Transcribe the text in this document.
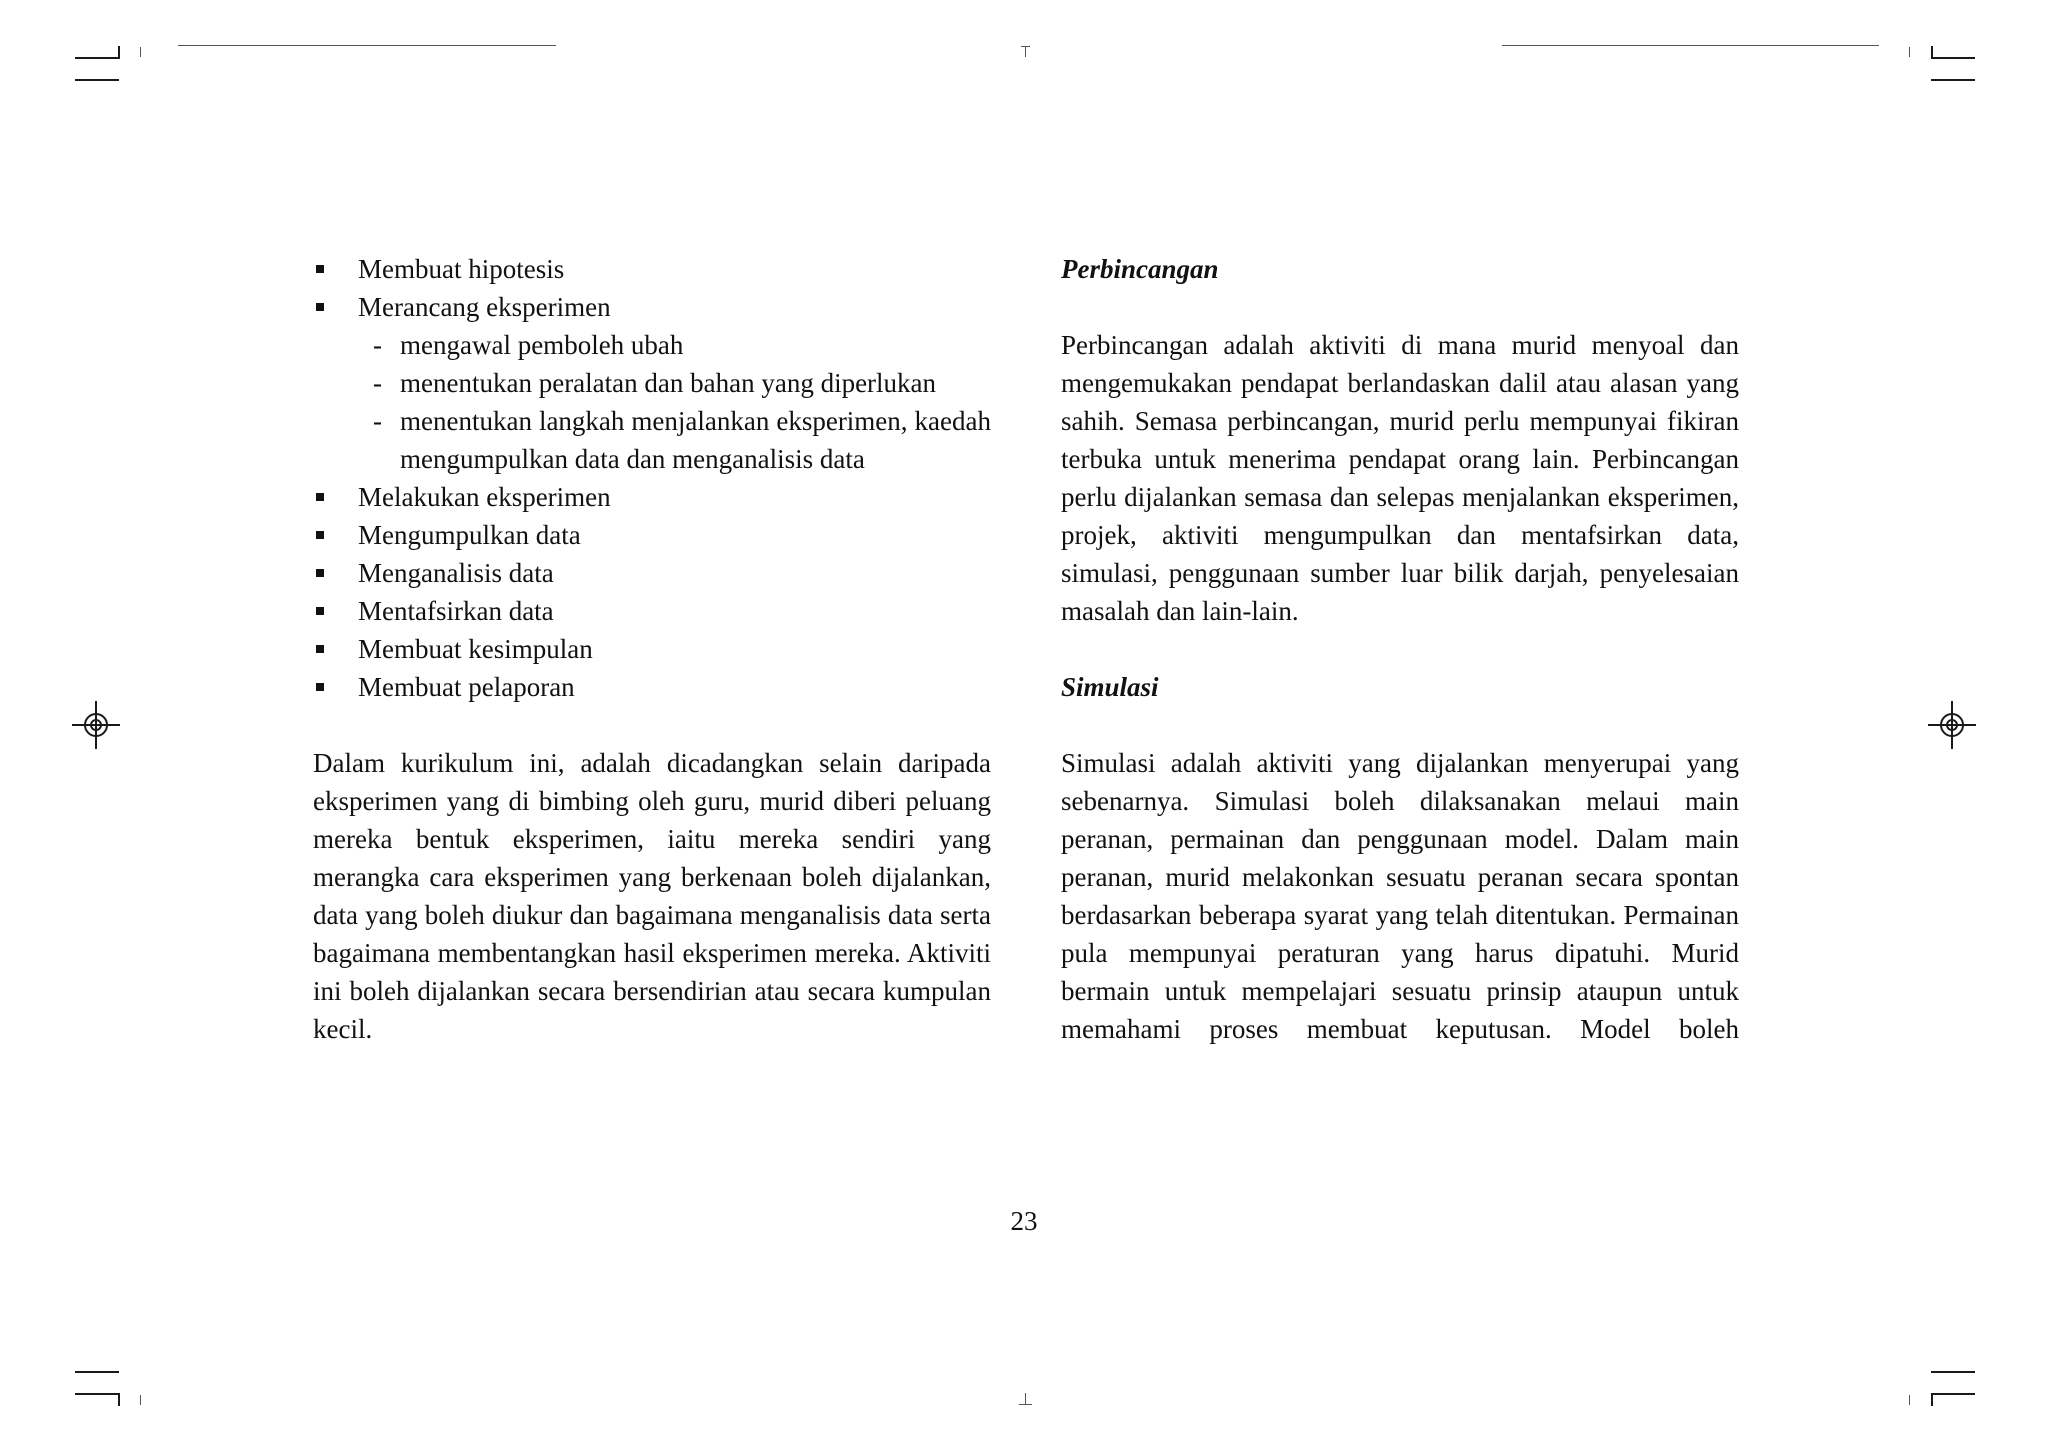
Membuat hipotesis
Merancang eksperimen
- mengawal pemboleh ubah
- menentukan peralatan dan bahan yang diperlukan
- menentukan langkah menjalankan eksperimen, kaedah mengumpulkan data dan menganalisis data
Melakukan eksperimen
Mengumpulkan data
Menganalisis data
Mentafsirkan data
Membuat kesimpulan
Membuat pelaporan

Dalam kurikulum ini, adalah dicadangkan selain daripada eksperimen yang di bimbing oleh guru, murid diberi peluang mereka bentuk eksperimen, iaitu mereka sendiri yang merangka cara eksperimen yang berkenaan boleh dijalankan, data yang boleh diukur dan bagaimana menganalisis data serta bagaimana membentangkan hasil eksperimen mereka. Aktiviti ini boleh dijalankan secara bersendirian atau secara kumpulan kecil.

Perbincangan

Perbincangan adalah aktiviti di mana murid menyoal dan mengemukakan pendapat berlandaskan dalil atau alasan yang sahih. Semasa perbincangan, murid perlu mempunyai fikiran terbuka untuk menerima pendapat orang lain. Perbincangan perlu dijalankan semasa dan selepas menjalankan eksperimen, projek, aktiviti mengumpulkan dan mentafsirkan data, simulasi, penggunaan sumber luar bilik darjah, penyelesaian masalah dan lain-lain.

Simulasi

Simulasi adalah aktiviti yang dijalankan menyerupai yang sebenarnya. Simulasi boleh dilaksanakan melaui main peranan, permainan dan penggunaan model. Dalam main peranan, murid melakonkan sesuatu peranan secara spontan berdasarkan beberapa syarat yang telah ditentukan. Permainan pula mempunyai peraturan yang harus dipatuhi. Murid bermain untuk mempelajari sesuatu prinsip ataupun untuk memahami proses membuat keputusan. Model boleh

23
